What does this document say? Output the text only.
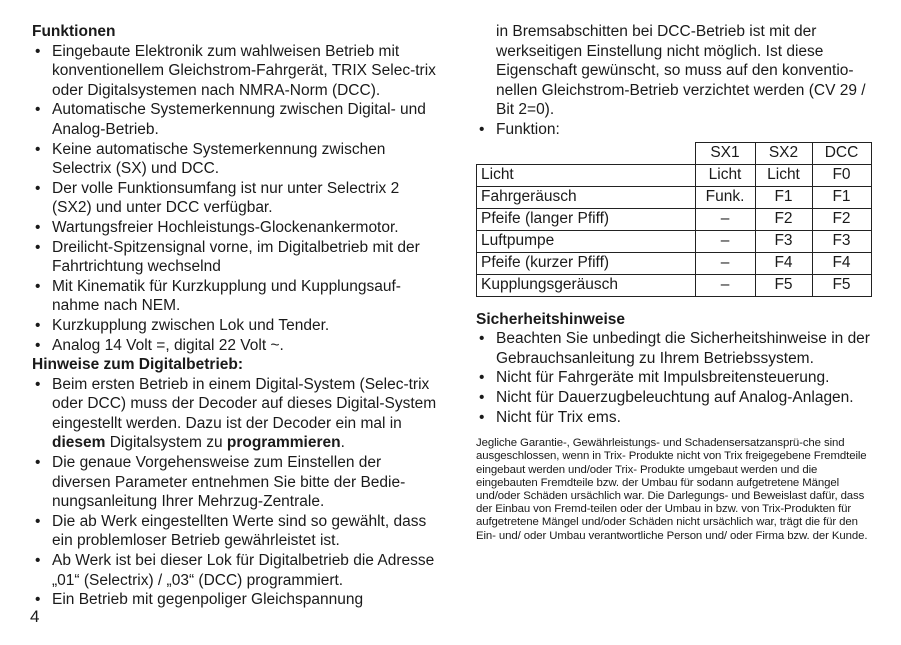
Funktionen
• Eingebaute Elektronik zum wahlweisen Betrieb mit konventionellem Gleichstrom-Fahrgerät, TRIX Selec-trix oder Digitalsystemen nach NMRA-Norm (DCC).
• Automatische Systemerkennung zwischen Digital- und Analog-Betrieb.
• Keine automatische Systemerkennung zwischen Selectrix (SX) und DCC.
• Der volle Funktionsumfang ist nur unter Selectrix 2 (SX2) und unter DCC verfügbar.
• Wartungsfreier Hochleistungs-Glockenankermotor.
• Dreilicht-Spitzensignal vorne, im Digitalbetrieb mit der Fahrtrichtung wechselnd
• Mit Kinematik für Kurzkupplung und Kupplungsauf-nahme nach NEM.
• Kurzkupplung zwischen Lok und Tender.
• Analog 14 Volt =, digital 22 Volt ~.
Hinweise zum Digitalbetrieb:
• Beim ersten Betrieb in einem Digital-System (Selec-trix oder DCC) muss der Decoder auf dieses Digital-System eingestellt werden. Dazu ist der Decoder ein mal in diesem Digitalsystem zu programmieren.
• Die genaue Vorgehensweise zum Einstellen der diversen Parameter entnehmen Sie bitte der Bedie-nungsanleitung Ihrer Mehrzug-Zentrale.
• Die ab Werk eingestellten Werte sind so gewählt, dass ein problemloser Betrieb gewährleistet ist.
• Ab Werk ist bei dieser Lok für Digitalbetrieb die Adresse „01“ (Selectrix) / „03“ (DCC) programmiert.
• Ein Betrieb mit gegenpoliger Gleichspannung
4
in Bremsabschitten bei DCC-Betrieb ist mit der werkseitigen Einstellung nicht möglich. Ist diese Eigenschaft gewünscht, so muss auf den konventio-nellen Gleichstrom-Betrieb verzichtet werden (CV 29 / Bit 2=0).
• Funktion:
	SX1	SX2	DCC
Licht	Licht	Licht	F0
Fahrgeräusch	Funk.	F1	F1
Pfeife (langer Pfiff)	–	F2	F2
Luftpumpe	–	F3	F3
Pfeife (kurzer Pfiff)	–	F4	F4
Kupplungsgeräusch	–	F5	F5
Sicherheitshinweise
• Beachten Sie unbedingt die Sicherheitshinweise in der Gebrauchsanleitung zu Ihrem Betriebssystem.
• Nicht für Fahrgeräte mit Impulsbreitensteuerung.
• Nicht für Dauerzugbeleuchtung auf Analog-Anlagen.
• Nicht für Trix ems.
Jegliche Garantie-, Gewährleistungs- und Schadensersatzansprü-che sind ausgeschlossen, wenn in Trix- Produkte nicht von Trix freigegebene Fremdteile eingebaut werden und/oder Trix- Produkte umgebaut werden und die eingebauten Fremdteile bzw. der Umbau für sodann aufgetretene Mängel und/oder Schäden ursächlich war. Die Darlegungs- und Beweislast dafür, dass der Einbau von Fremd-teilen oder der Umbau in bzw. von Trix-Produkten für aufgetretene Mängel und/oder Schäden nicht ursächlich war, trägt die für den Ein- und/ oder Umbau verantwortliche Person und/ oder Firma bzw. der Kunde.
